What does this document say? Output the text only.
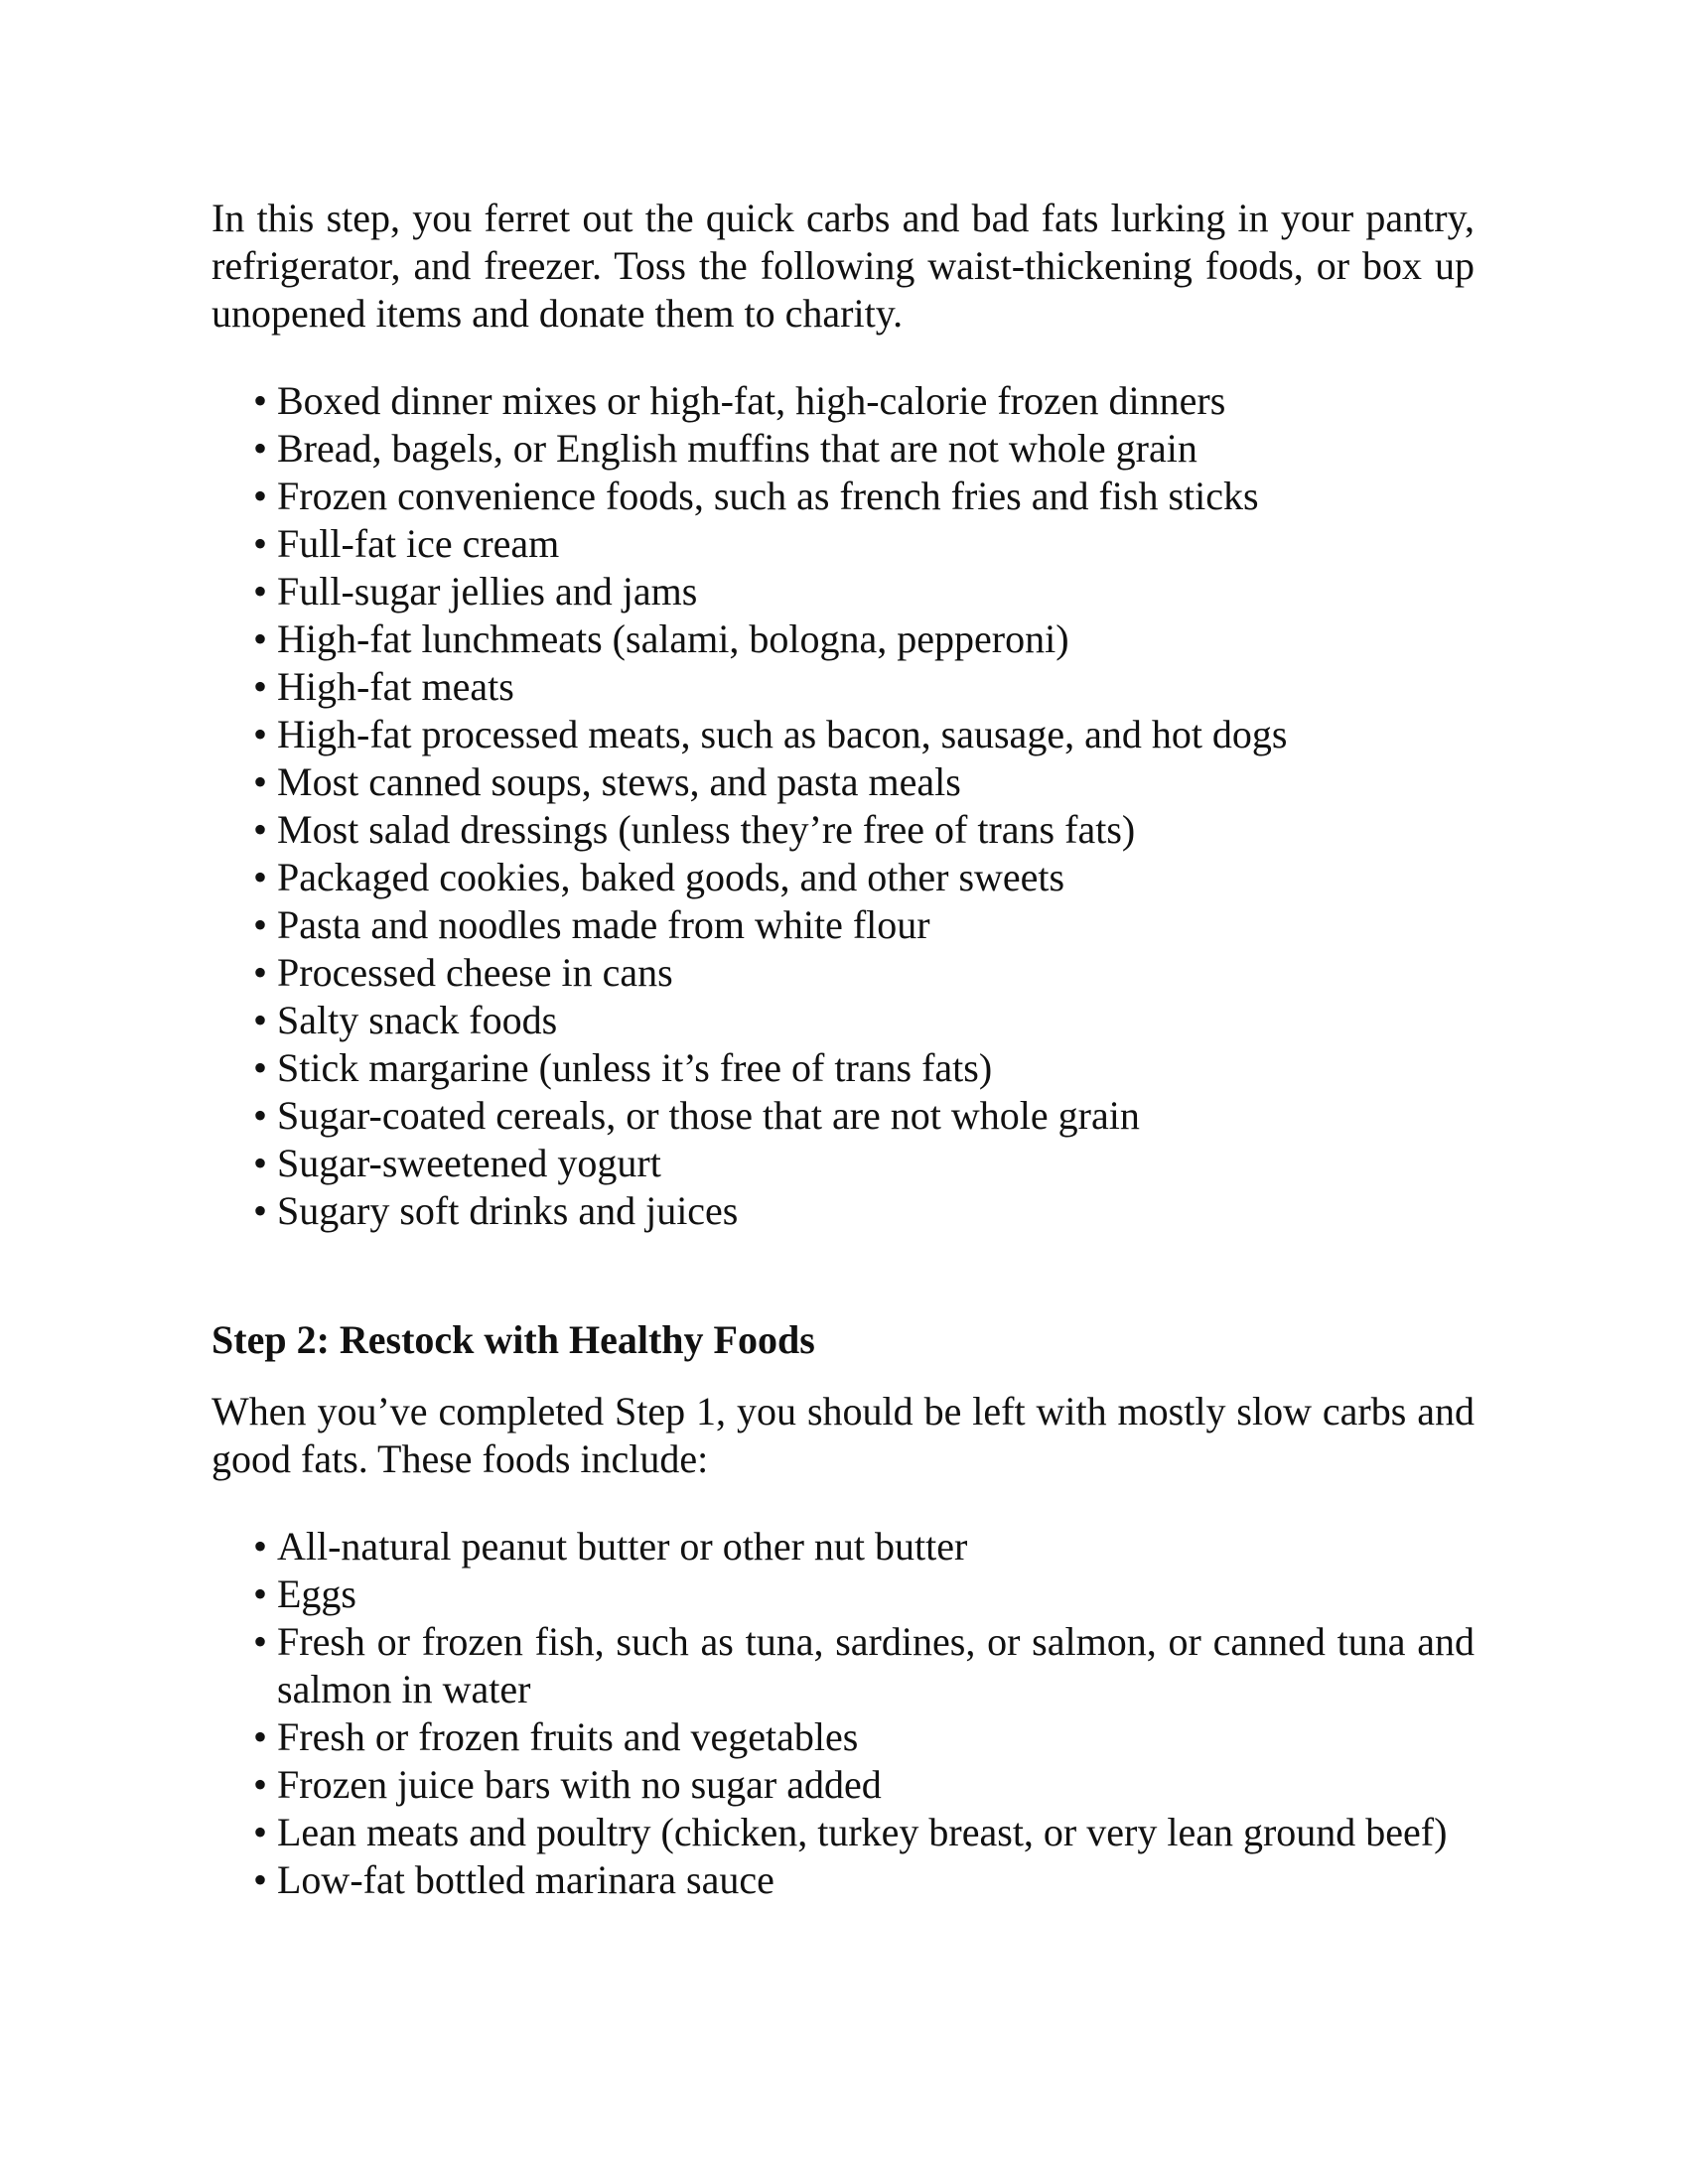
In this step, you ferret out the quick carbs and bad fats lurking in your pantry, refrigerator, and freezer. Toss the following waist-thickening foods, or box up unopened items and donate them to charity.

• Boxed dinner mixes or high-fat, high-calorie frozen dinners
• Bread, bagels, or English muffins that are not whole grain
• Frozen convenience foods, such as french fries and fish sticks
• Full-fat ice cream
• Full-sugar jellies and jams
• High-fat lunchmeats (salami, bologna, pepperoni)
• High-fat meats
• High-fat processed meats, such as bacon, sausage, and hot dogs
• Most canned soups, stews, and pasta meals
• Most salad dressings (unless they’re free of trans fats)
• Packaged cookies, baked goods, and other sweets
• Pasta and noodles made from white flour
• Processed cheese in cans
• Salty snack foods
• Stick margarine (unless it’s free of trans fats)
• Sugar-coated cereals, or those that are not whole grain
• Sugar-sweetened yogurt
• Sugary soft drinks and juices
Step 2: Restock with Healthy Foods

When you’ve completed Step 1, you should be left with mostly slow carbs and good fats. These foods include:

• All-natural peanut butter or other nut butter
• Eggs
• Fresh or frozen fish, such as tuna, sardines, or salmon, or canned tuna and salmon in water
• Fresh or frozen fruits and vegetables
• Frozen juice bars with no sugar added
• Lean meats and poultry (chicken, turkey breast, or very lean ground beef)
• Low-fat bottled marinara sauce
